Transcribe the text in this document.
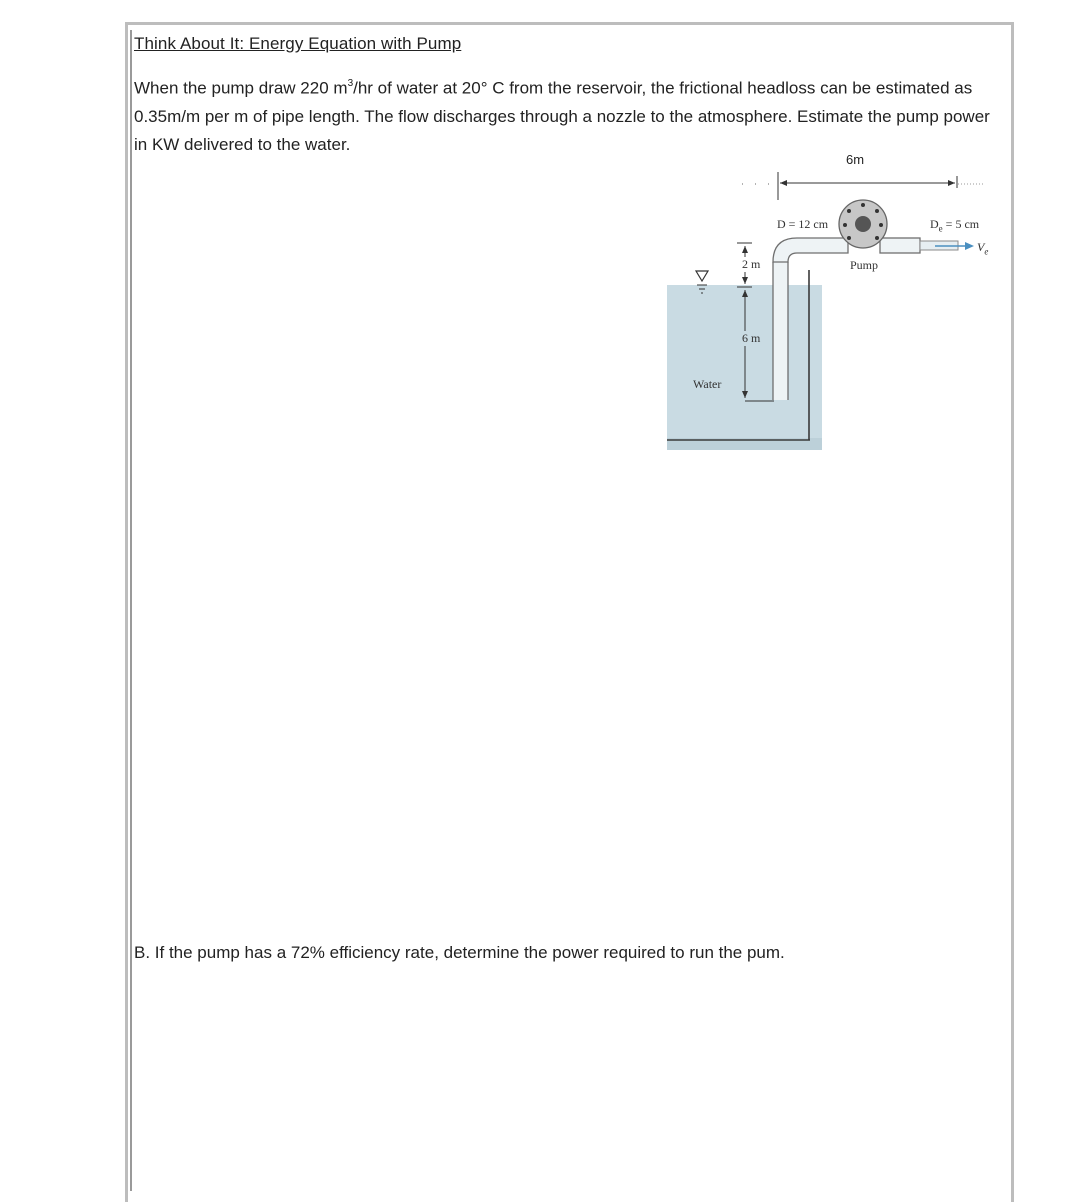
Think About It: Energy Equation with Pump
When the pump draw 220 $m^3/hr$ of water at 20° C from the reservoir, the frictional headloss can be estimated as 0.35m/m per m of pipe length. The flow discharges through a nozzle to the atmosphere. Estimate the pump power in KW delivered to the water.
6m
D = 12 cm	$D_e = 5$ cm
$V_e$
Pump
2 m
6 m
Water
B. If the pump has a 72% efficiency rate, determine the power required to run the pum.
